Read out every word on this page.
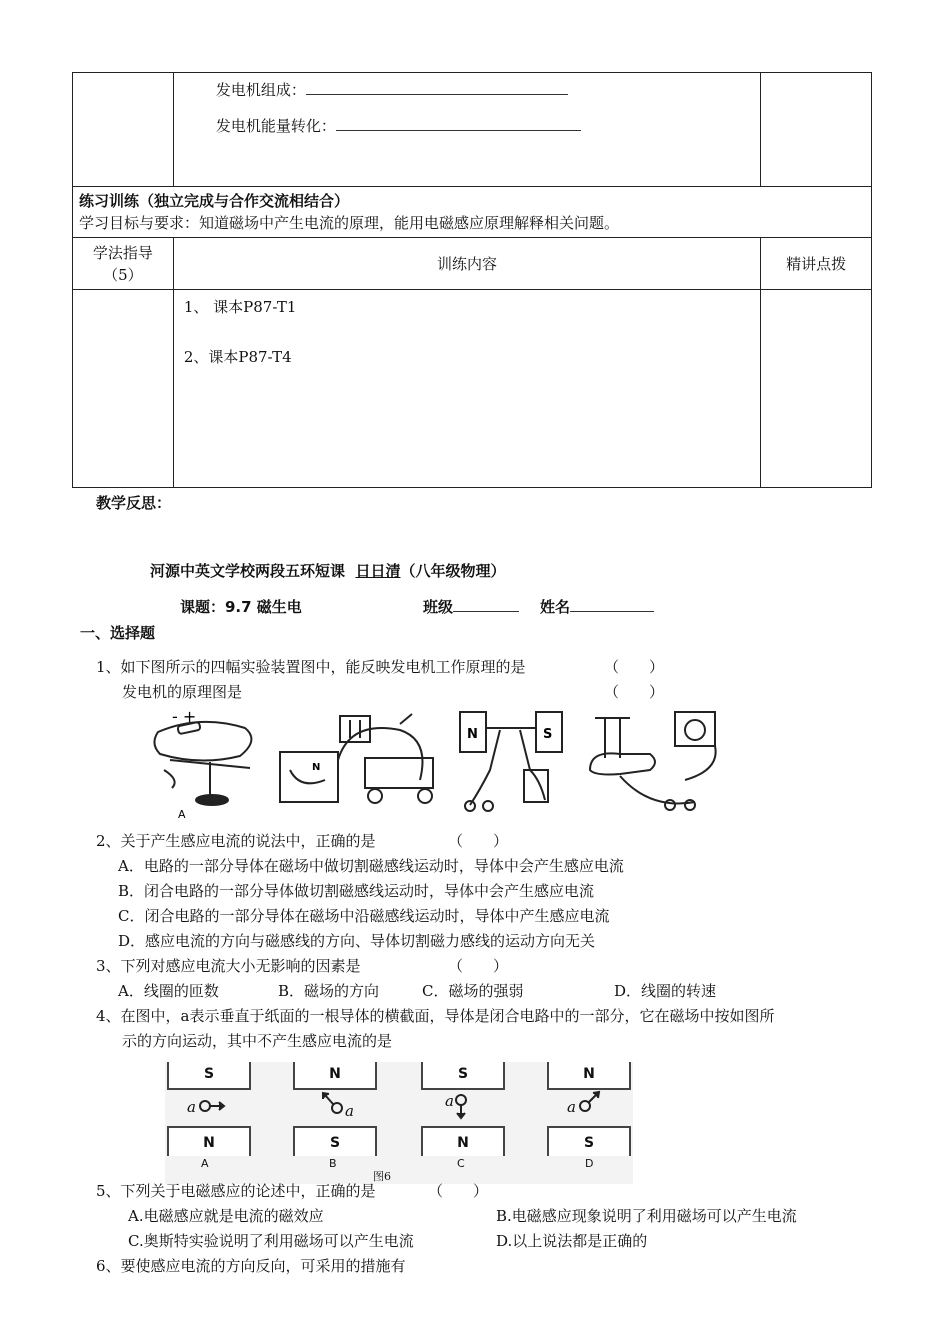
	发电机组成：
发电机能量转化：	

练习训练（独立完成与合作交流相结合）
学习目标与要求：知道磁场中产生电流的原理，能用电磁感应原理解释相关问题。		

学法指导
（5）	训练内容	精讲点拨

	1、 课本P87-T1
2、课本P87-T4	

教学反思：
河源中英文学校两段五环短课 日日清（八年级物理）
课题：9.7 磁生电	班级	姓名
一、选择题
1、如下图所示的四幅实验装置图中，能反映发电机工作原理的是	（　　）
发电机的原理图是	（　　）
- +
A
N
N	S
2、关于产生感应电流的说法中，正确的是	（　　）
A．电路的一部分导体在磁场中做切割磁感线运动时，导体中会产生感应电流
B．闭合电路的一部分导体做切割磁感线运动时，导体中会产生感应电流
C．闭合电路的一部分导体在磁场中沿磁感线运动时，导体中产生感应电流
D．感应电流的方向与磁感线的方向、导体切割磁力感线的运动方向无关
3、下列对感应电流大小无影响的因素是	（　　）
A．线圈的匝数	B．磁场的方向	C．磁场的强弱	D．线圈的转速
4、在图中，a表示垂直于纸面的一根导体的横截面，导体是闭合电路中的一部分，它在磁场中按如图所
示的方向运动，其中不产生感应电流的是
S	N	S	N
N	S	N	S
a	a
a	a
A	B	C	D
图6
5、下列关于电磁感应的论述中，正确的是	（　　）
A.电磁感应就是电流的磁效应	B.电磁感应现象说明了利用磁场可以产生电流
C.奥斯特实验说明了利用磁场可以产生电流	D.以上说法都是正确的
6、要使感应电流的方向反向，可采用的措施有
